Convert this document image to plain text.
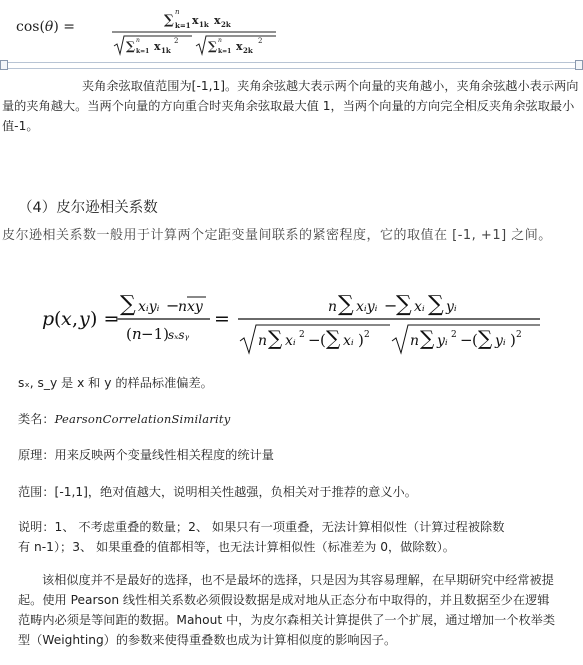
cos(θ) =	∑
n
k=1 x 1k x 2k
∑ n
k=1 x 1k
2 ∑ n
k=1 x 2k
2
夹角余弦取值范围为[-1,1]。夹角余弦越大表示两个向量的夹角越小，夹角余弦越小表示两向量的夹角越大。当两个向量的方向重合时夹角余弦取最大值 1，当两个向量的方向完全相反夹角余弦取最小值-1。
（4）皮尔逊相关系数
皮尔逊相关系数一般用于计算两个定距变量间联系的紧密程度，它的取值在 [-1, +1] 之间。
p ( x , y ) =
∑ xᵢyᵢ −
n xy
( n −1) sₓsᵧ
=
n ∑ xᵢyᵢ −
∑ xᵢ ∑ yᵢ
n ∑ xᵢ 2 − ( ∑ xᵢ ) 2	n ∑ yᵢ 2 − ( ∑ yᵢ ) 2
sₓ, s_y 是 x 和 y 的样品标准偏差。
类名：PearsonCorrelationSimilarity
原理：用来反映两个变量线性相关程度的统计量
范围：[-1,1]，绝对值越大，说明相关性越强，负相关对于推荐的意义小。
说明：1、 不考虑重叠的数量；2、 如果只有一项重叠，无法计算相似性（计算过程被除数
有 n-1）；3、 如果重叠的值都相等，也无法计算相似性（标准差为 0，做除数）。
该相似度并不是最好的选择，也不是最坏的选择，只是因为其容易理解，在早期研究中经常被提起。使用 Pearson 线性相关系数必须假设数据是成对地从正态分布中取得的，并且数据至少在逻辑范畴内必须是等间距的数据。Mahout 中，为皮尔森相关计算提供了一个扩展，通过增加一个枚举类型（Weighting）的参数来使得重叠数也成为计算相似度的影响因子。
